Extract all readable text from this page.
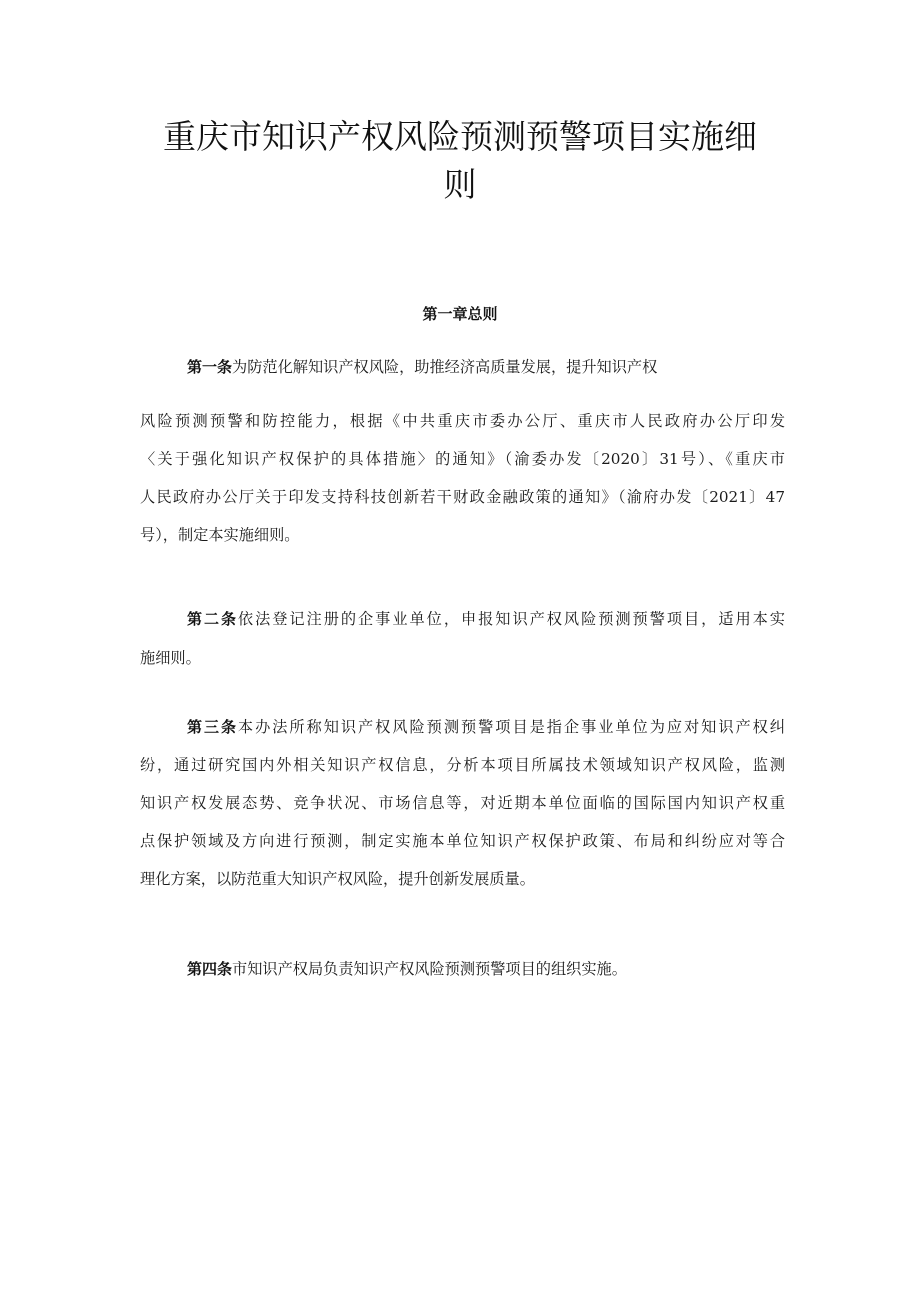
重庆市知识产权风险预测预警项目实施细
则
第一章总则
第一条为防范化解知识产权风险，助推经济高质量发展，提升知识产权
风险预测预警和防控能力，根据《中共重庆市委办公厅、重庆市人民政府办公厅印发
〈关于强化知识产权保护的具体措施〉的通知》（渝委办发〔2020〕31号）、《重庆市
人民政府办公厅关于印发支持科技创新若干财政金融政策的通知》（渝府办发〔2021〕47
号），制定本实施细则。
第二条依法登记注册的企事业单位，申报知识产权风险预测预警项目，适用本实
施细则。
第三条本办法所称知识产权风险预测预警项目是指企事业单位为应对知识产权纠
纷，通过研究国内外相关知识产权信息，分析本项目所属技术领域知识产权风险，监测
知识产权发展态势、竞争状况、市场信息等，对近期本单位面临的国际国内知识产权重
点保护领域及方向进行预测，制定实施本单位知识产权保护政策、布局和纠纷应对等合
理化方案，以防范重大知识产权风险，提升创新发展质量。
第四条市知识产权局负责知识产权风险预测预警项目的组织实施。
